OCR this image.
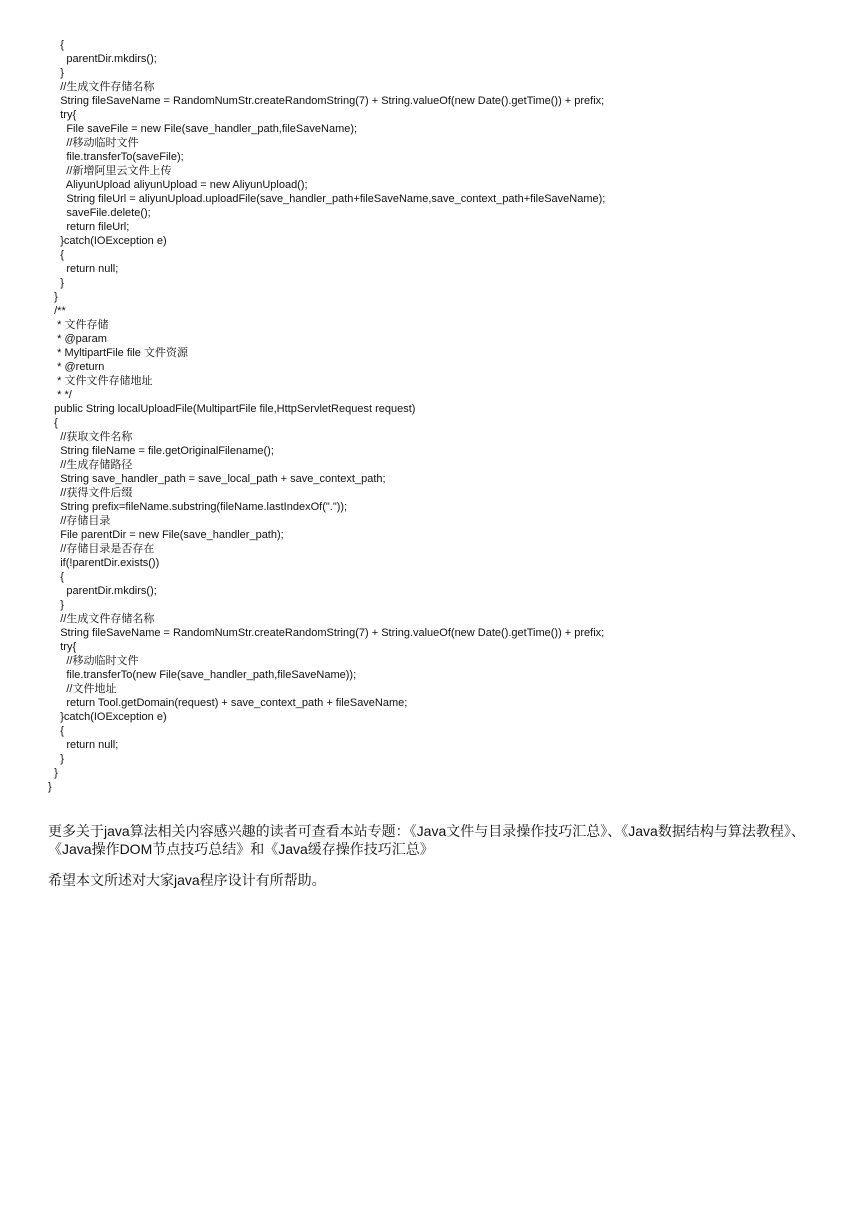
{
parentDir.mkdirs();
}
//生成文件存储名称
String fileSaveName = RandomNumStr.createRandomString(7) + String.valueOf(new Date().getTime()) + prefix;
try{
File saveFile = new File(save_handler_path,fileSaveName);
//移动临时文件
file.transferTo(saveFile);
//新增阿里云文件上传
AliyunUpload aliyunUpload = new AliyunUpload();
String fileUrl = aliyunUpload.uploadFile(save_handler_path+fileSaveName,save_context_path+fileSaveName);
saveFile.delete();
return fileUrl;
}catch(IOException e)
{
return null;
}
}
/**
* 文件存储
* @param
* MyltipartFile file 文件资源
* @return
* 文件文件存储地址
* */
public String localUploadFile(MultipartFile file,HttpServletRequest request)
{
//获取文件名称
String fileName = file.getOriginalFilename();
//生成存储路径
String save_handler_path = save_local_path + save_context_path;
//获得文件后缀
String prefix=fileName.substring(fileName.lastIndexOf("."));
//存储目录
File parentDir = new File(save_handler_path);
//存储目录是否存在
if(!parentDir.exists())
{
parentDir.mkdirs();
}
//生成文件存储名称
String fileSaveName = RandomNumStr.createRandomString(7) + String.valueOf(new Date().getTime()) + prefix;
try{
//移动临时文件
file.transferTo(new File(save_handler_path,fileSaveName));
//文件地址
return Tool.getDomain(request) + save_context_path + fileSaveName;
}catch(IOException e)
{
return null;
}
}
}
更多关于java算法相关内容感兴趣的读者可查看本站专题：《Java文件与目录操作技巧汇总》、《Java数据结构与算法教程》、《Java操作DOM节点技巧总结》和《Java缓存操作技巧汇总》
希望本文所述对大家java程序设计有所帮助。
